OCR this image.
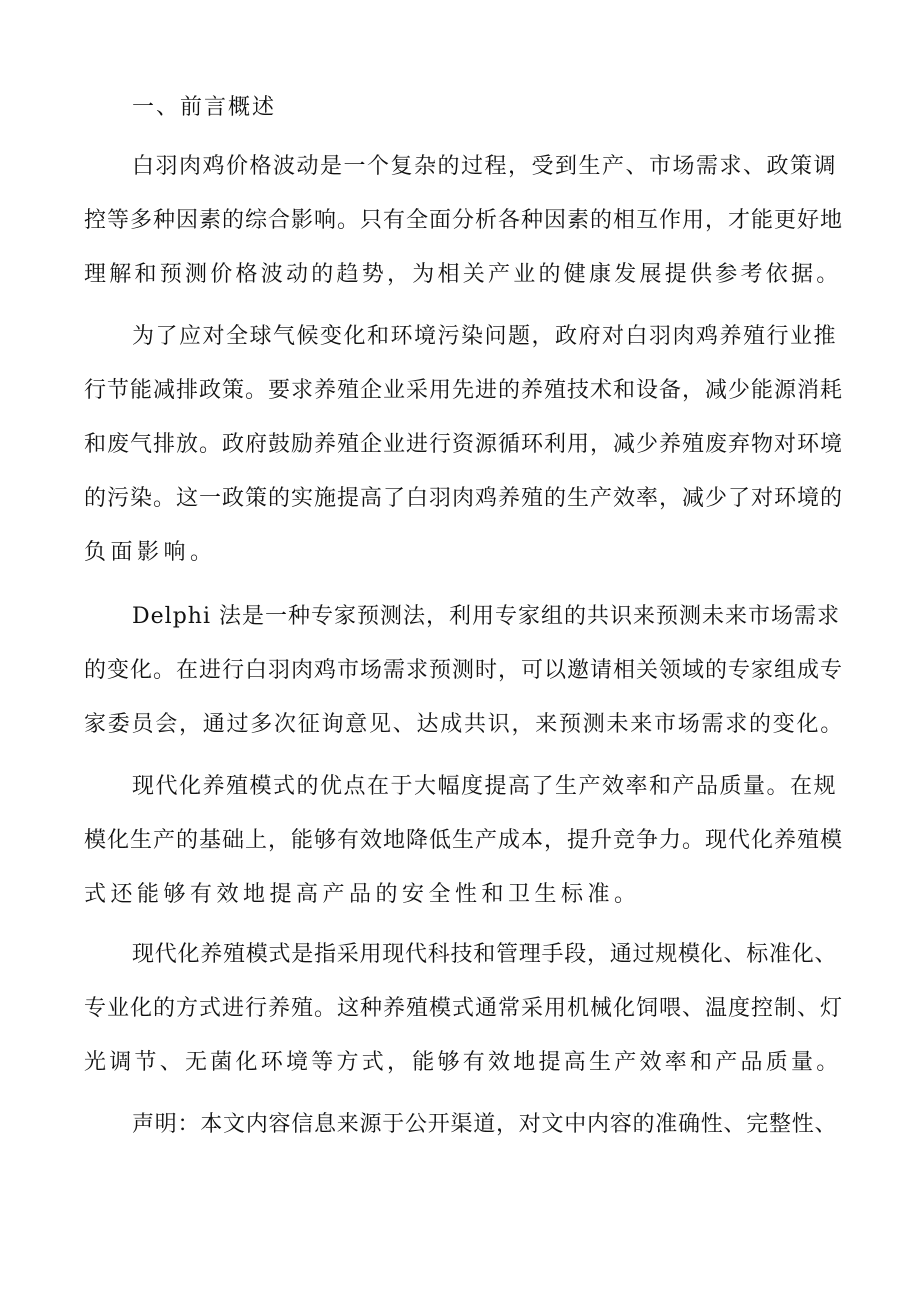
一、前言概述
白羽肉鸡价格波动是一个复杂的过程，受到生产、市场需求、政策调
控等多种因素的综合影响。只有全面分析各种因素的相互作用，才能更好地
理解和预测价格波动的趋势，为相关产业的健康发展提供参考依据。
为了应对全球气候变化和环境污染问题，政府对白羽肉鸡养殖行业推
行节能减排政策。要求养殖企业采用先进的养殖技术和设备，减少能源消耗
和废气排放。政府鼓励养殖企业进行资源循环利用，减少养殖废弃物对环境
的污染。这一政策的实施提高了白羽肉鸡养殖的生产效率，减少了对环境的
负面影响。
Delphi 法是一种专家预测法，利用专家组的共识来预测未来市场需求
的变化。在进行白羽肉鸡市场需求预测时，可以邀请相关领域的专家组成专
家委员会，通过多次征询意见、达成共识，来预测未来市场需求的变化。
现代化养殖模式的优点在于大幅度提高了生产效率和产品质量。在规
模化生产的基础上，能够有效地降低生产成本，提升竞争力。现代化养殖模
式还能够有效地提高产品的安全性和卫生标准。
现代化养殖模式是指采用现代科技和管理手段，通过规模化、标准化、
专业化的方式进行养殖。这种养殖模式通常采用机械化饲喂、温度控制、灯
光调节、无菌化环境等方式，能够有效地提高生产效率和产品质量。
声明：本文内容信息来源于公开渠道，对文中内容的准确性、完整性、
